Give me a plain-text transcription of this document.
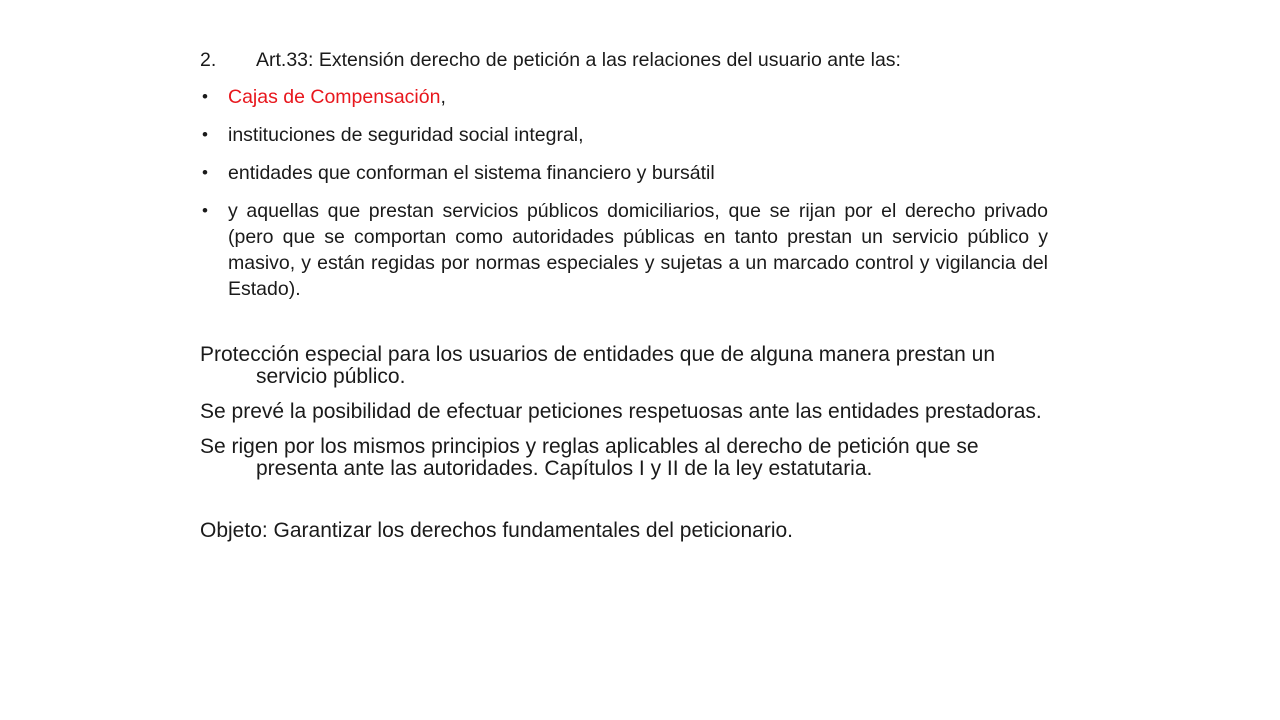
2.	Art.33: Extensión derecho de petición a las relaciones del usuario ante las:
•	Cajas de Compensación,
•	instituciones de seguridad social integral,
•	entidades que conforman el sistema financiero y bursátil
•	y aquellas que prestan servicios públicos domiciliarios, que se rijan por el derecho privado (pero que se comportan como autoridades públicas en tanto prestan un servicio público y masivo, y están regidas por normas especiales y sujetas a un marcado control y vigilancia del Estado).

Protección especial para los usuarios de entidades que de alguna manera prestan un servicio público.

Se prevé la posibilidad de efectuar peticiones respetuosas ante las entidades prestadoras.

Se rigen por los mismos principios y reglas aplicables al derecho de petición que se presenta ante las autoridades. Capítulos I y II de la ley estatutaria.

Objeto: Garantizar los derechos fundamentales del peticionario.
